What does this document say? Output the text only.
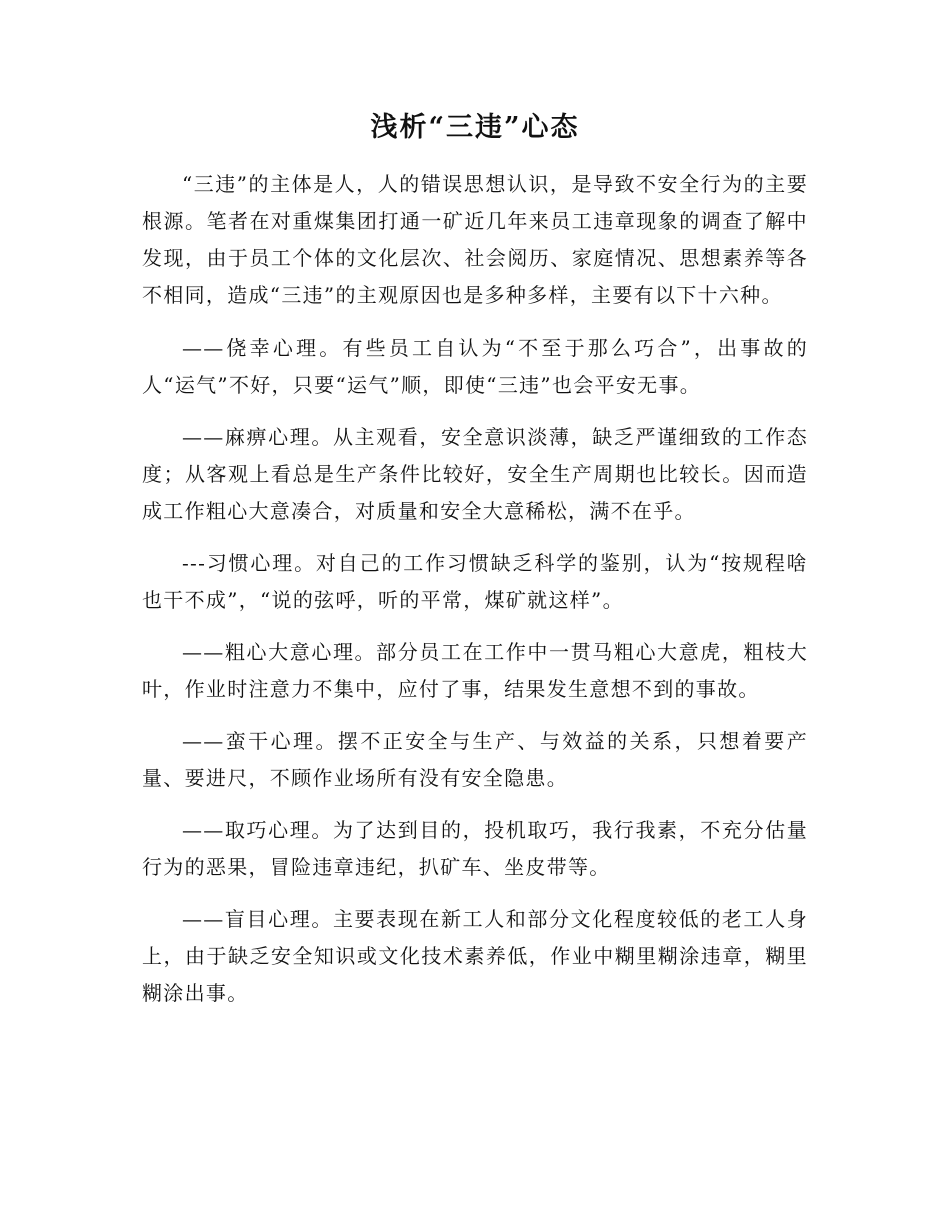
浅析“三违”心态

“三违”的主体是人，人的错误思想认识，是导致不安全行为的主要根源。笔者在对重煤集团打通一矿近几年来员工违章现象的调查了解中发现，由于员工个体的文化层次、社会阅历、家庭情况、思想素养等各不相同，造成“三违”的主观原因也是多种多样，主要有以下十六种。

——侥幸心理。有些员工自认为“不至于那么巧合”，出事故的人“运气”不好，只要“运气”顺，即使“三违”也会平安无事。

——麻痹心理。从主观看，安全意识淡薄，缺乏严谨细致的工作态度；从客观上看总是生产条件比较好，安全生产周期也比较长。因而造成工作粗心大意凑合，对质量和安全大意稀松，满不在乎。

---习惯心理。对自己的工作习惯缺乏科学的鉴别，认为“按规程啥也干不成”，“说的弦呼，听的平常，煤矿就这样”。

——粗心大意心理。部分员工在工作中一贯马粗心大意虎，粗枝大叶，作业时注意力不集中，应付了事，结果发生意想不到的事故。

——蛮干心理。摆不正安全与生产、与效益的关系，只想着要产量、要进尺，不顾作业场所有没有安全隐患。

——取巧心理。为了达到目的，投机取巧，我行我素，不充分估量行为的恶果，冒险违章违纪，扒矿车、坐皮带等。

——盲目心理。主要表现在新工人和部分文化程度较低的老工人身上，由于缺乏安全知识或文化技术素养低，作业中糊里糊涂违章，糊里糊涂出事。
